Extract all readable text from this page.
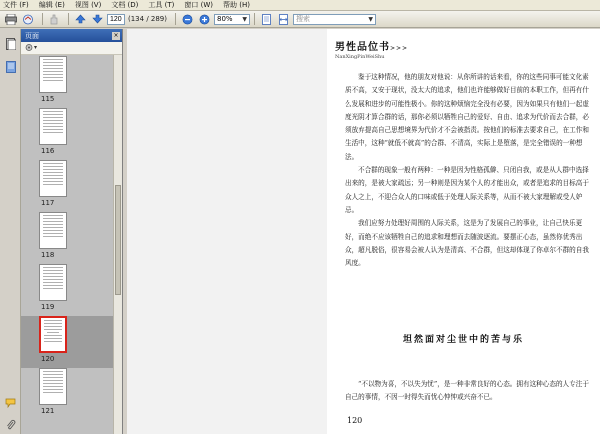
文件 (F) 编辑 (E) 视图 (V) 文档 (D) 工具 (T) 窗口 (W) 帮助 (H)
120
(134 / 289)	80% ▼	搜索	▼
页面	×
115
116
117
118
119
120
121
男性品位书>>>
NanXingPinWeiShu

鉴于这种情况，他的朋友对他说：从你所讲的话来看，你的这些同事可能文化素质不高，又安于现状，没太大的追求，他们也许能够做好目前的本职工作，但再有什么发展和进步的可能性极小。你的这种烦恼完全没有必要，因为如果只有他们一起虚度光阴才算合群的话，那你必须以牺牲自己的爱好、自由、追求为代价而去合群，必须放弃提高自己思想境界为代价才不会被指责。按他们的标准去要求自己，在工作和生活中，这种“就低不就高”的合群、不清高，实际上是堕落，是完全错误的一种想法。

不合群的现象一般有两种：一种是因为性格孤僻、只闭自我，或是从人群中选择出来的，是被大家疏远；另一种则是因为某个人的才能出众，或者是追求的目标高于众人之上，不迎合众人的口味或低于处理人际关系等，从而不被大家理解或受人妒忌。

我们应努力处理好周围的人际关系，这是为了发展自己的事业，让自己快乐更好，而绝不应该牺牲自己的追求和理想而去随波逐流。要摆正心态，虽然你优秀出众，超凡脱俗，很容易会被人认为是清高、不合群，但这却体现了你卓尔不群的自我风度。

坦然面对尘世中的苦与乐

“不以物为喜，不以失为忧”，是一种非常良好的心态。拥有这种心态的人专注于自己的事情，不因一时得失而忧心忡忡或兴奋不已。

120
